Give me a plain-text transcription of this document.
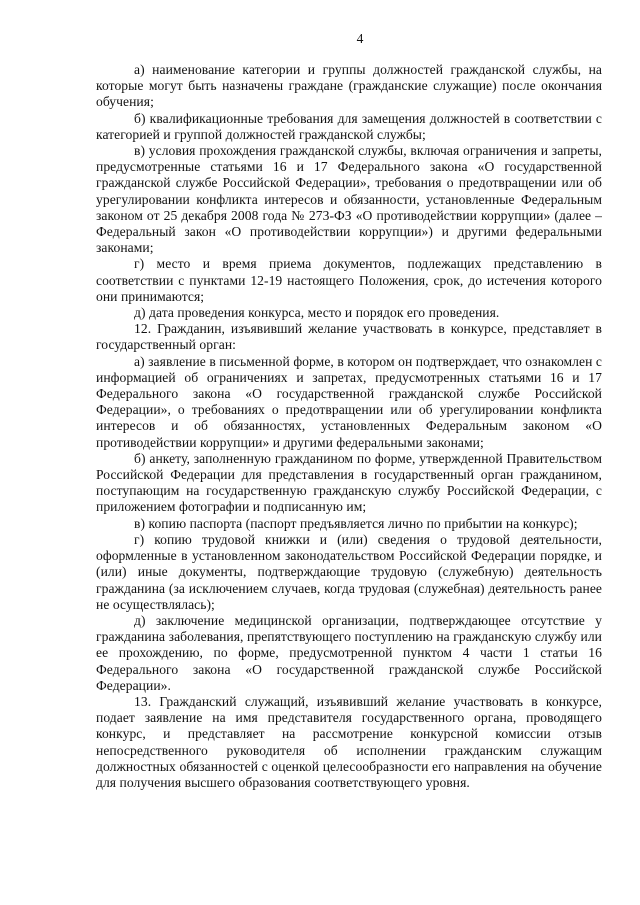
4

а) наименование категории и группы должностей гражданской службы, на которые могут быть назначены граждане (гражданские служащие) после окончания обучения;

б) квалификационные требования для замещения должностей в соответствии с категорией и группой должностей гражданской службы;

в) условия прохождения гражданской службы, включая ограничения и запреты, предусмотренные статьями 16 и 17 Федерального закона «О государственной гражданской службе Российской Федерации», требования о предотвращении или об урегулировании конфликта интересов и обязанности, установленные Федеральным законом от 25 декабря 2008 года № 273-ФЗ «О противодействии коррупции» (далее – Федеральный закон «О противодействии коррупции») и другими федеральными законами;

г) место и время приема документов, подлежащих представлению в соответствии с пунктами 12-19 настоящего Положения, срок, до истечения которого они принимаются;

д) дата проведения конкурса, место и порядок его проведения.

12. Гражданин, изъявивший желание участвовать в конкурсе, представляет в государственный орган:

а) заявление в письменной форме, в котором он подтверждает, что ознакомлен с информацией об ограничениях и запретах, предусмотренных статьями 16 и 17 Федерального закона «О государственной гражданской службе Российской Федерации», о требованиях о предотвращении или об урегулировании конфликта интересов и об обязанностях, установленных Федеральным законом «О противодействии коррупции» и другими федеральными законами;

б) анкету, заполненную гражданином по форме, утвержденной Правительством Российской Федерации для представления в государственный орган гражданином, поступающим на государственную гражданскую службу Российской Федерации, с приложением фотографии и подписанную им;

в) копию паспорта (паспорт предъявляется лично по прибытии на конкурс);

г) копию трудовой книжки и (или) сведения о трудовой деятельности, оформленные в установленном законодательством Российской Федерации порядке, и (или) иные документы, подтверждающие трудовую (служебную) деятельность гражданина (за исключением случаев, когда трудовая (служебная) деятельность ранее не осуществлялась);

д) заключение медицинской организации, подтверждающее отсутствие у гражданина заболевания, препятствующего поступлению на гражданскую службу или ее прохождению, по форме, предусмотренной пунктом 4 части 1 статьи 16 Федерального закона «О государственной гражданской службе Российской Федерации».

13. Гражданский служащий, изъявивший желание участвовать в конкурсе, подает заявление на имя представителя государственного органа, проводящего конкурс, и представляет на рассмотрение конкурсной комиссии отзыв непосредственного руководителя об исполнении гражданским служащим должностных обязанностей с оценкой целесообразности его направления на обучение для получения высшего образования соответствующего уровня.
